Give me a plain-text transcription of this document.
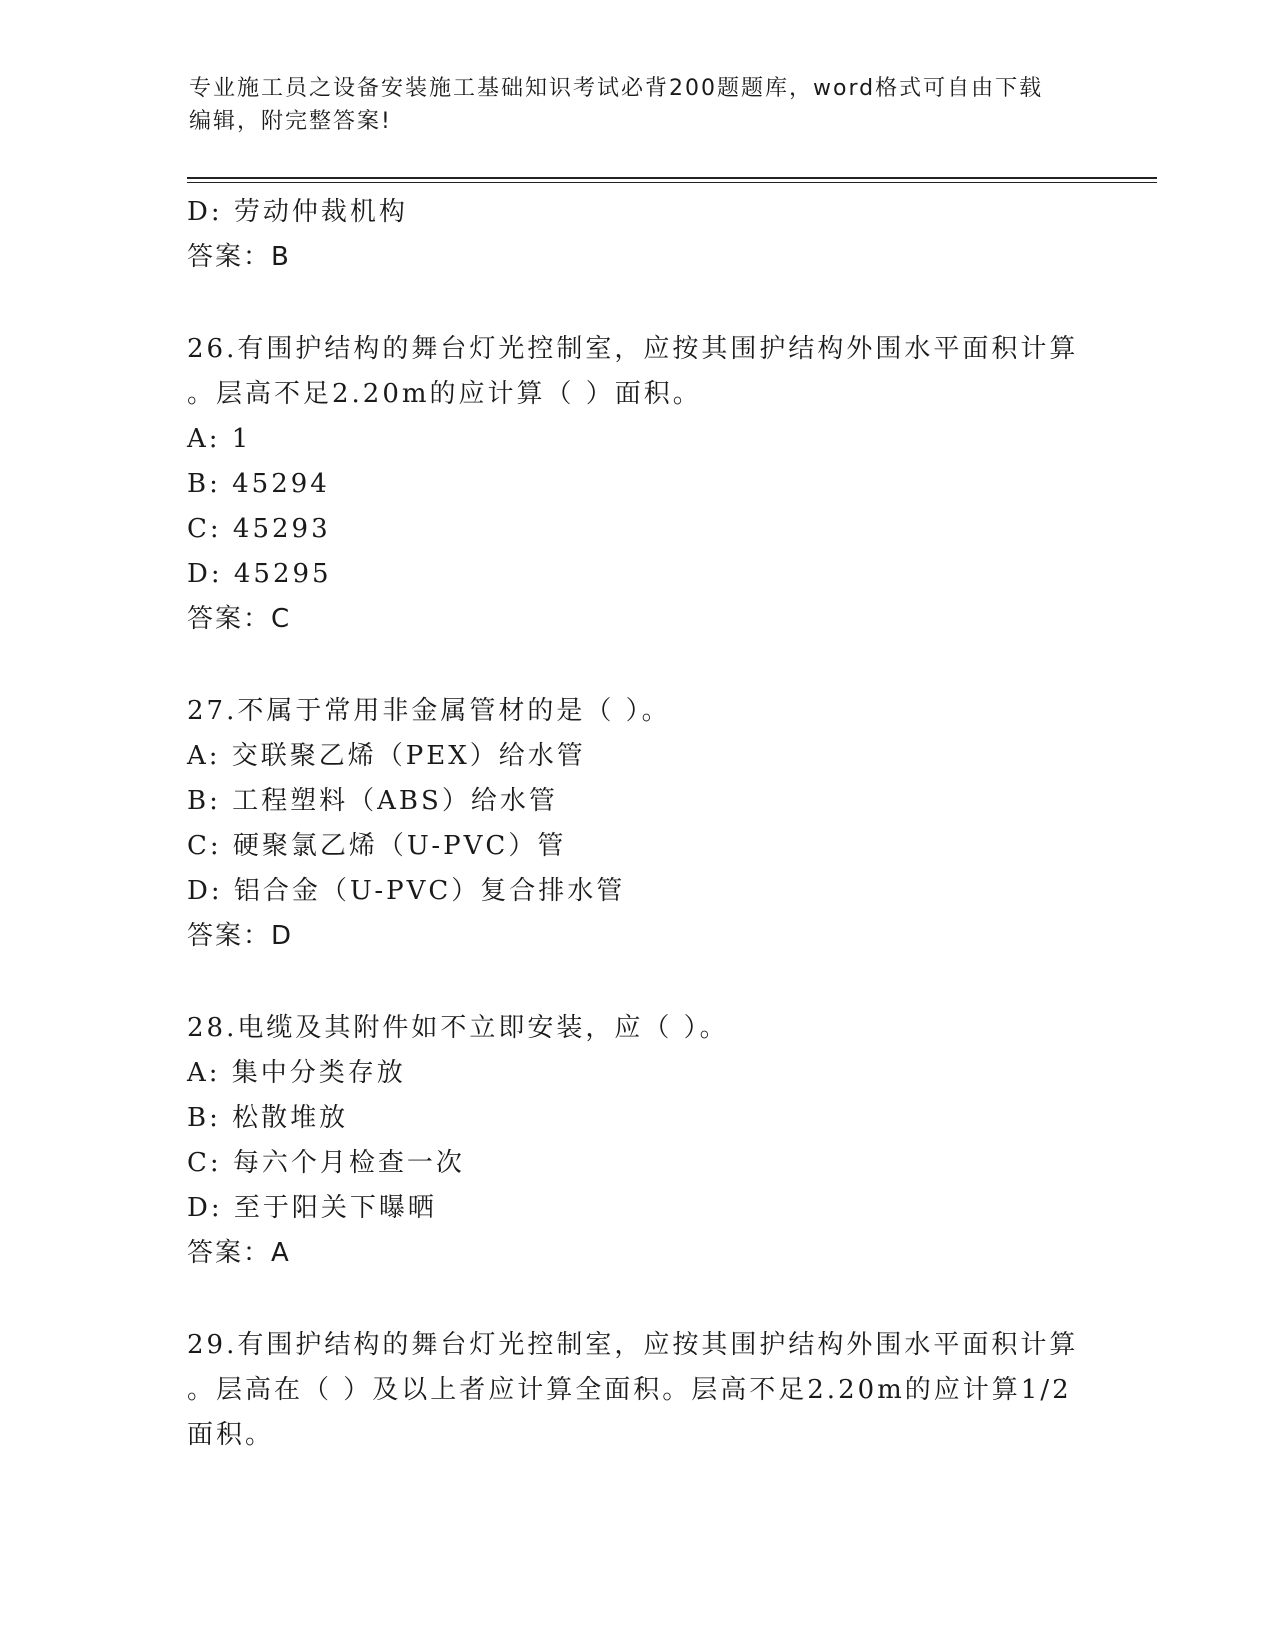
专业施工员之设备安装施工基础知识考试必背200题题库，word格式可自由下载
编辑，附完整答案!
D: 劳动仲裁机构
答案：B
26.有围护结构的舞台灯光控制室，应按其围护结构外围水平面积计算
。层高不足2.20m的应计算（ ）面积。
A: 1
B: 45294
C: 45293
D: 45295
答案：C
27.不属于常用非金属管材的是（ ）。
A: 交联聚乙烯（PEX）给水管
B: 工程塑料（ABS）给水管
C: 硬聚氯乙烯（U-PVC）管
D: 铝合金（U-PVC）复合排水管
答案：D
28.电缆及其附件如不立即安装，应（ ）。
A: 集中分类存放
B: 松散堆放
C: 每六个月检查一次
D: 至于阳关下曝晒
答案：A
29.有围护结构的舞台灯光控制室，应按其围护结构外围水平面积计算
。层高在（ ）及以上者应计算全面积。层高不足2.20m的应计算1/2
面积。
